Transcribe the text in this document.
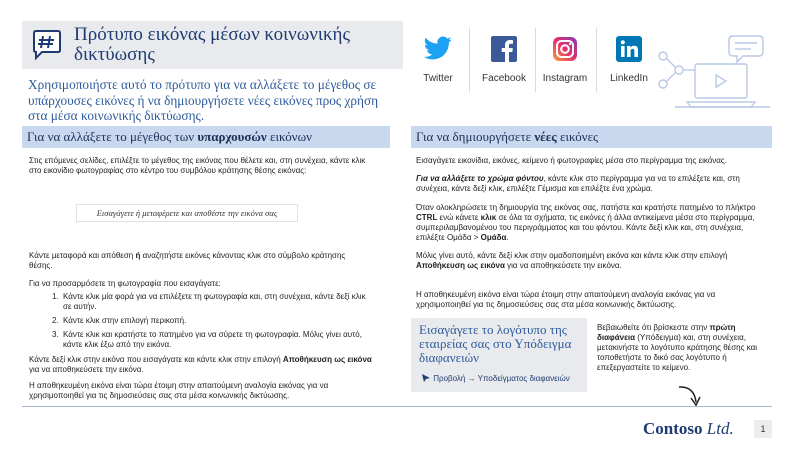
Πρότυπο εικόνας μέσων κοινωνικής δικτύωσης
Χρησιμοποιήστε αυτό το πρότυπο για να αλλάξετε το μέγεθος σε υπάρχουσες εικόνες ή να δημιουργήσετε νέες εικόνες προς χρήση στα μέσα κοινωνικής δικτύωσης.
Twitter	Facebook	Instagram	LinkedIn
Για να αλλάξετε το μέγεθος των υπαρχουσών εικόνων
Στις επόμενες σελίδες, επιλέξτε το μέγεθος της εικόνας που θέλετε και, στη συνέχεια, κάντε κλικ στο εικονίδιο φωτογραφίας στο κέντρο του συμβόλου κράτησης θέσης εικόνας:
Εισαγάγετε ή μεταφέρετε και αποθέστε την εικόνα σας
Κάντε μεταφορά και απόθεση ή αναζητήστε εικόνες κάνοντας κλικ στο σύμβολο κράτησης θέσης.
Για να προσαρμόσετε τη φωτογραφία που εισαγάγατε:
1. Κάντε κλικ μία φορά για να επιλέξετε τη φωτογραφία και, στη συνέχεια, κάντε δεξί κλικ σε αυτήν.
2. Κάντε κλικ στην επιλογή περικοπή.
3. Κάντε κλικ και κρατήστε το πατημένο για να σύρετε τη φωτογραφία. Μόλις γίνει αυτό, κάντε κλικ έξω από την εικόνα.
Κάντε δεξί κλικ στην εικόνα που εισαγάγατε και κάντε κλικ στην επιλογή Αποθήκευση ως εικόνα για να αποθηκεύσετε την εικόνα.
Η αποθηκευμένη εικόνα είναι τώρα έτοιμη στην απαιτούμενη αναλογία εικόνας για να χρησιμοποιηθεί για τις δημοσιεύσεις σας στα μέσα κοινωνικής δικτύωσης.
Για να δημιουργήσετε νέες εικόνες
Εισαγάγετε εικονίδια, εικόνες, κείμενο ή φωτογραφίες μέσα στο περίγραμμα της εικόνας.
Για να αλλάξετε το χρώμα φόντου, κάντε κλικ στο περίγραμμα για να το επιλέξετε και, στη συνέχεια, κάντε δεξί κλικ, επιλέξτε Γέμισμα και επιλέξτε ένα χρώμα.
Όταν ολοκληρώσετε τη δημιουργία της εικόνας σας, πατήστε και κρατήστε πατημένο το πλήκτρο CTRL ενώ κάνετε κλικ σε όλα τα σχήματα, τις εικόνες ή άλλα αντικείμενα μέσα στο περίγραμμα, συμπεριλαμβανομένου του περιγράμματος και του φόντου. Κάντε δεξί κλικ και, στη συνέχεια, επιλέξτε Ομάδα > Ομάδα.
Μόλις γίνει αυτό, κάντε δεξί κλικ στην ομαδοποιημένη εικόνα και κάντε κλικ στην επιλογή Αποθήκευση ως εικόνα για να αποθηκεύσετε την εικόνα.
Η αποθηκευμένη εικόνα είναι τώρα έτοιμη στην απαιτούμενη αναλογία εικόνας για να χρησιμοποιηθεί για τις δημοσιεύσεις σας στα μέσα κοινωνικής δικτύωσης.
Εισαγάγετε το λογότυπο της εταιρείας σας στο Υπόδειγμα διαφανειών
Προβολή → Υποδείγματος διαφανειών
Βεβαιωθείτε ότι βρίσκεστε στην πρώτη διαφάνεια (Υπόδειγμα) και, στη συνέχεια, μετακινήστε το λογότυπο κράτησης θέσης και τοποθετήστε το δικό σας λογότυπο ή επεξεργαστείτε το κείμενο.
Contoso Ltd.	1
